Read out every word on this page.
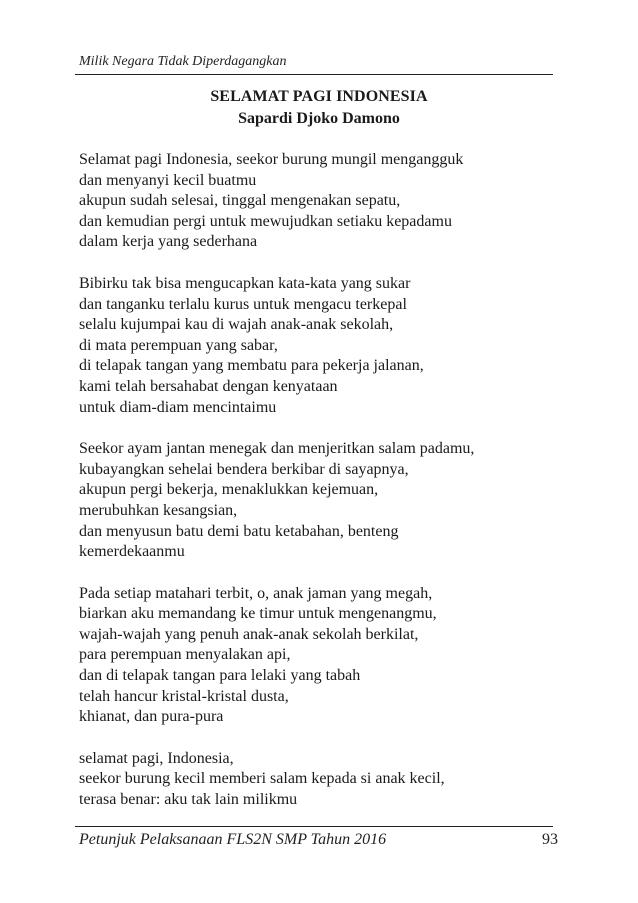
Milik Negara Tidak Diperdagangkan
SELAMAT PAGI INDONESIA
Sapardi Djoko Damono
Selamat pagi Indonesia, seekor burung mungil mengangguk
dan menyanyi kecil buatmu
akupun sudah selesai, tinggal mengenakan sepatu,
dan kemudian pergi untuk mewujudkan setiaku kepadamu
dalam kerja yang sederhana
Bibirku tak bisa mengucapkan kata-kata yang sukar
dan tanganku terlalu kurus untuk mengacu terkepal
selalu kujumpai kau di wajah anak-anak sekolah,
di mata perempuan yang sabar,
di telapak tangan yang membatu para pekerja jalanan,
kami telah bersahabat dengan kenyataan
untuk diam-diam mencintaimu
Seekor ayam jantan menegak dan menjeritkan salam padamu,
kubayangkan sehelai bendera berkibar di sayapnya,
akupun pergi bekerja, menaklukkan kejemuan,
merubuhkan kesangsian,
dan menyusun batu demi batu ketabahan, benteng
kemerdekaanmu
Pada setiap matahari terbit, o, anak jaman yang megah,
biarkan aku memandang ke timur untuk mengenangmu,
wajah-wajah yang penuh anak-anak sekolah berkilat,
para perempuan menyalakan api,
dan di telapak tangan para lelaki yang tabah
telah hancur kristal-kristal dusta,
khianat, dan pura-pura
selamat pagi, Indonesia,
seekor burung kecil memberi salam kepada si anak kecil,
terasa benar: aku tak lain milikmu
Petunjuk Pelaksanaan FLS2N SMP Tahun 2016	93
